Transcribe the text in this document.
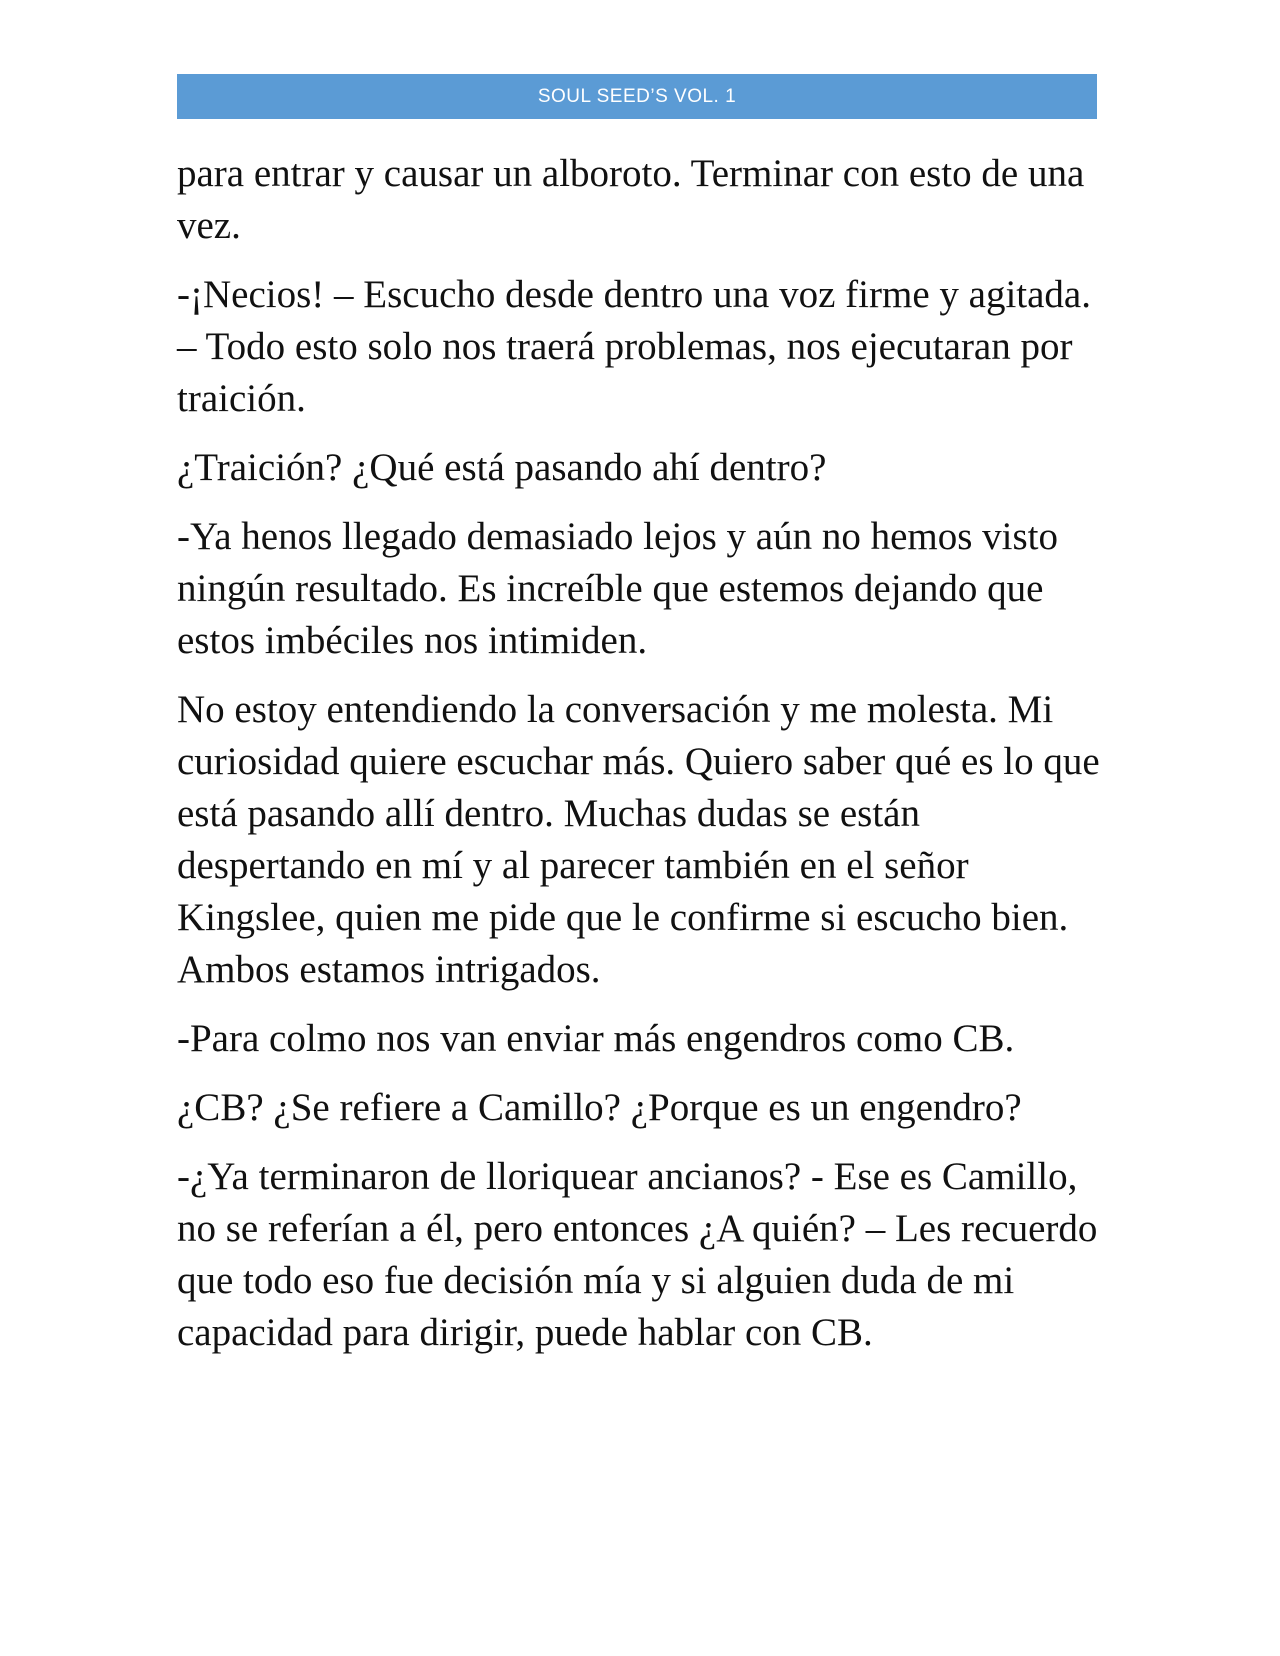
SOUL SEED’S VOL. 1

para entrar y causar un alboroto. Terminar con esto de una vez.

-¡Necios! – Escucho desde dentro una voz firme y agitada. – Todo esto solo nos traerá problemas, nos ejecutaran por traición.

¿Traición? ¿Qué está pasando ahí dentro?

-Ya henos llegado demasiado lejos y aún no hemos visto ningún resultado. Es increíble que estemos dejando que estos imbéciles nos intimiden.

No estoy entendiendo la conversación y me molesta. Mi curiosidad quiere escuchar más. Quiero saber qué es lo que está pasando allí dentro. Muchas dudas se están despertando en mí y al parecer también en el señor Kingslee, quien me pide que le confirme si escucho bien. Ambos estamos intrigados.

-Para colmo nos van enviar más engendros como CB.

¿CB? ¿Se refiere a Camillo? ¿Porque es un engendro?

-¿Ya terminaron de lloriquear ancianos? - Ese es Camillo, no se referían a él, pero entonces ¿A quién? – Les recuerdo que todo eso fue decisión mía y si alguien duda de mi capacidad para dirigir, puede hablar con CB.
